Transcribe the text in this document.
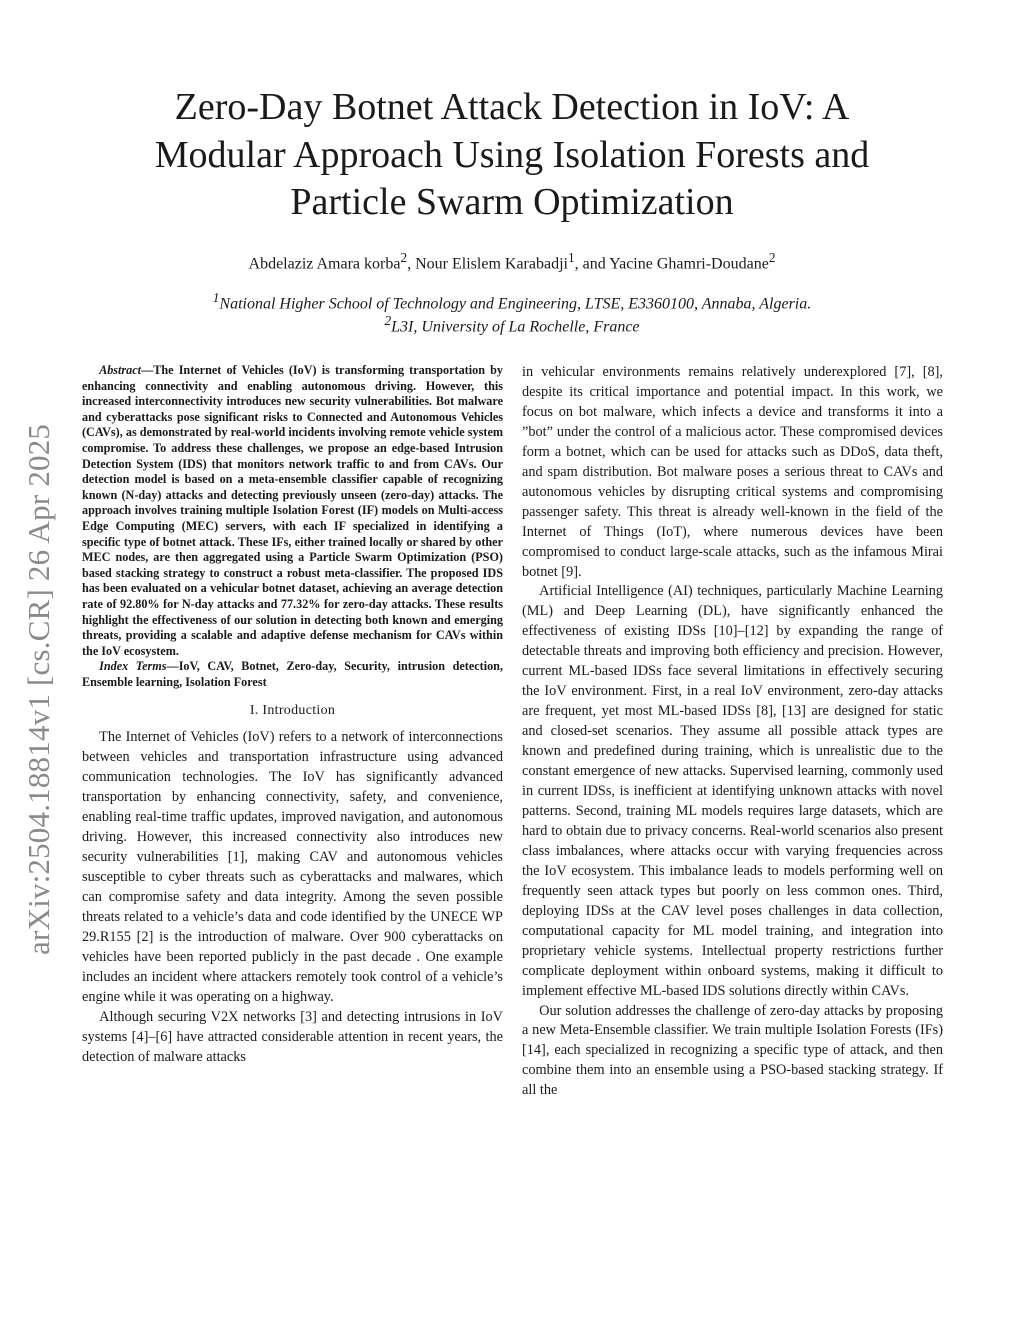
arXiv:2504.18814v1 [cs.CR] 26 Apr 2025
Zero-Day Botnet Attack Detection in IoV: A
Modular Approach Using Isolation Forests and
Particle Swarm Optimization
Abdelaziz Amara korba$^2$, Nour Elislem Karabadji$^1$, and Yacine Ghamri-Doudane$^2$
$^1$National Higher School of Technology and Engineering, LTSE, E3360100, Annaba, Algeria.
$^2$L3I, University of La Rochelle, France

Abstract—The Internet of Vehicles (IoV) is transforming transportation by enhancing connectivity and enabling autonomous driving. However, this increased interconnectivity introduces new security vulnerabilities. Bot malware and cyberattacks pose significant risks to Connected and Autonomous Vehicles (CAVs), as demonstrated by real-world incidents involving remote vehicle system compromise. To address these challenges, we propose an edge-based Intrusion Detection System (IDS) that monitors network traffic to and from CAVs. Our detection model is based on a meta-ensemble classifier capable of recognizing known (N-day) attacks and detecting previously unseen (zero-day) attacks. The approach involves training multiple Isolation Forest (IF) models on Multi-access Edge Computing (MEC) servers, with each IF specialized in identifying a specific type of botnet attack. These IFs, either trained locally or shared by other MEC nodes, are then aggregated using a Particle Swarm Optimization (PSO) based stacking strategy to construct a robust meta-classifier. The proposed IDS has been evaluated on a vehicular botnet dataset, achieving an average detection rate of 92.80% for N-day attacks and 77.32% for zero-day attacks. These results highlight the effectiveness of our solution in detecting both known and emerging threats, providing a scalable and adaptive defense mechanism for CAVs within the IoV ecosystem.

Index Terms—IoV, CAV, Botnet, Zero-day, Security, intrusion detection, Ensemble learning, Isolation Forest

I. Introduction

The Internet of Vehicles (IoV) refers to a network of interconnections between vehicles and transportation infrastructure using advanced communication technologies. The IoV has significantly advanced transportation by enhancing connectivity, safety, and convenience, enabling real-time traffic updates, improved navigation, and autonomous driving. However, this increased connectivity also introduces new security vulnerabilities [1], making CAV and autonomous vehicles susceptible to cyber threats such as cyberattacks and malwares, which can compromise safety and data integrity. Among the seven possible threats related to a vehicle’s data and code identified by the UNECE WP 29.R155 [2] is the introduction of malware. Over 900 cyberattacks on vehicles have been reported publicly in the past decade . One example includes an incident where attackers remotely took control of a vehicle’s engine while it was operating on a highway.

Although securing V2X networks [3] and detecting intrusions in IoV systems [4]–[6] have attracted considerable attention in recent years, the detection of malware attacks

in vehicular environments remains relatively underexplored [7], [8], despite its critical importance and potential impact. In this work, we focus on bot malware, which infects a device and transforms it into a ”bot” under the control of a malicious actor. These compromised devices form a botnet, which can be used for attacks such as DDoS, data theft, and spam distribution. Bot malware poses a serious threat to CAVs and autonomous vehicles by disrupting critical systems and compromising passenger safety. This threat is already well-known in the field of the Internet of Things (IoT), where numerous devices have been compromised to conduct large-scale attacks, such as the infamous Mirai botnet [9].

Artificial Intelligence (AI) techniques, particularly Machine Learning (ML) and Deep Learning (DL), have significantly enhanced the effectiveness of existing IDSs [10]–[12] by expanding the range of detectable threats and improving both efficiency and precision. However, current ML-based IDSs face several limitations in effectively securing the IoV environment. First, in a real IoV environment, zero-day attacks are frequent, yet most ML-based IDSs [8], [13] are designed for static and closed-set scenarios. They assume all possible attack types are known and predefined during training, which is unrealistic due to the constant emergence of new attacks. Supervised learning, commonly used in current IDSs, is inefficient at identifying unknown attacks with novel patterns. Second, training ML models requires large datasets, which are hard to obtain due to privacy concerns. Real-world scenarios also present class imbalances, where attacks occur with varying frequencies across the IoV ecosystem. This imbalance leads to models performing well on frequently seen attack types but poorly on less common ones. Third, deploying IDSs at the CAV level poses challenges in data collection, computational capacity for ML model training, and integration into proprietary vehicle systems. Intellectual property restrictions further complicate deployment within onboard systems, making it difficult to implement effective ML-based IDS solutions directly within CAVs.

Our solution addresses the challenge of zero-day attacks by proposing a new Meta-Ensemble classifier. We train multiple Isolation Forests (IFs) [14], each specialized in recognizing a specific type of attack, and then combine them into an ensemble using a PSO-based stacking strategy. If all the
